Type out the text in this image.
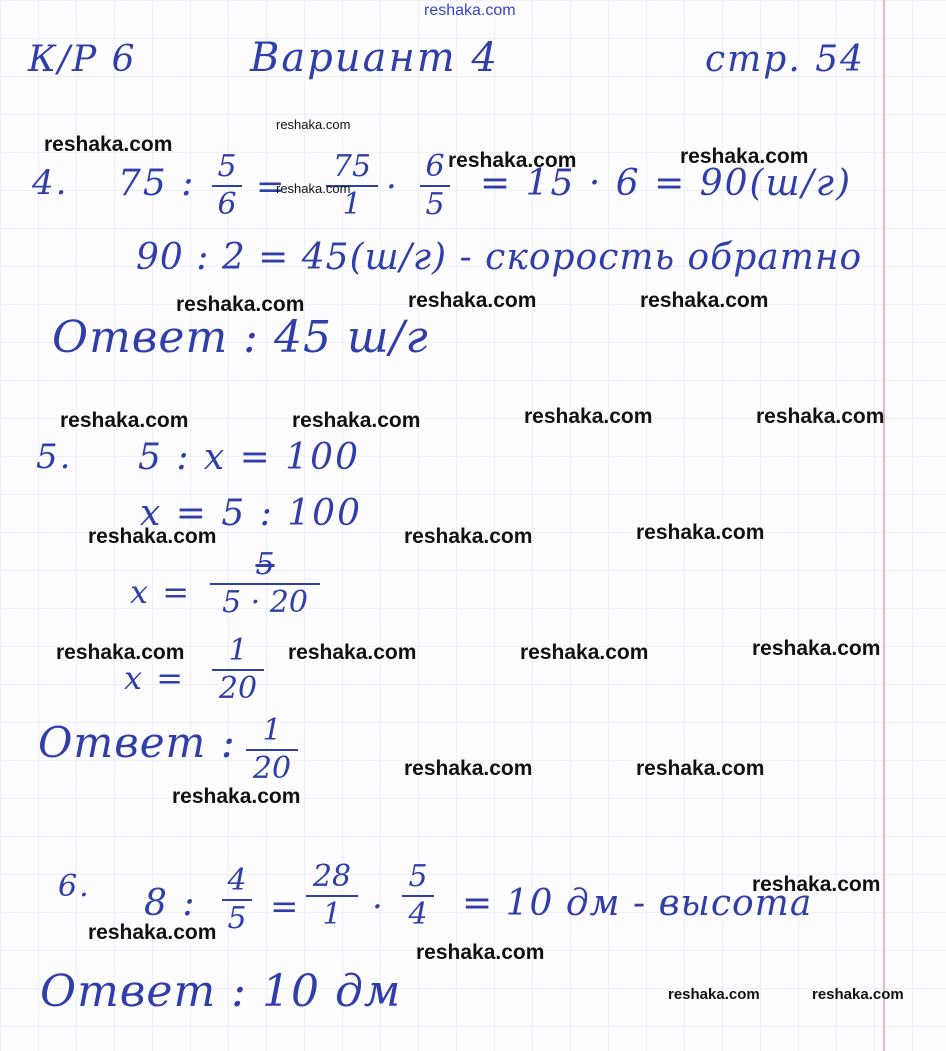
reshaka.com
К/Р 6	Вариант 4	стр. 54
4. 75 : 5
6 =
75
1 ·
6
5
= 15 · 6 = 90(ш/г)
90 : 2 = 45(ш/г) - скорость обратно
Ответ : 45 ш/г
5. 5 : x = 100
x = 5 : 100
x =
5
5 · 20
x =
1
20
Ответ : 1
20
6. 8 :
4
5 =
28
1 ·
5
4 = 10 дм - высота
Ответ : 10 дм
reshaka.com
reshaka.com
reshaka.com
reshaka.com	reshaka.com
reshaka.com	reshaka.com	reshaka.com
reshaka.com	reshaka.com	reshaka.com	reshaka.com
reshaka.com	reshaka.com	reshaka.com
reshaka.com	reshaka.com	reshaka.com	reshaka.com
reshaka.com	reshaka.com
reshaka.com
reshaka.com
reshaka.com
reshaka.com
reshaka.com	reshaka.com
